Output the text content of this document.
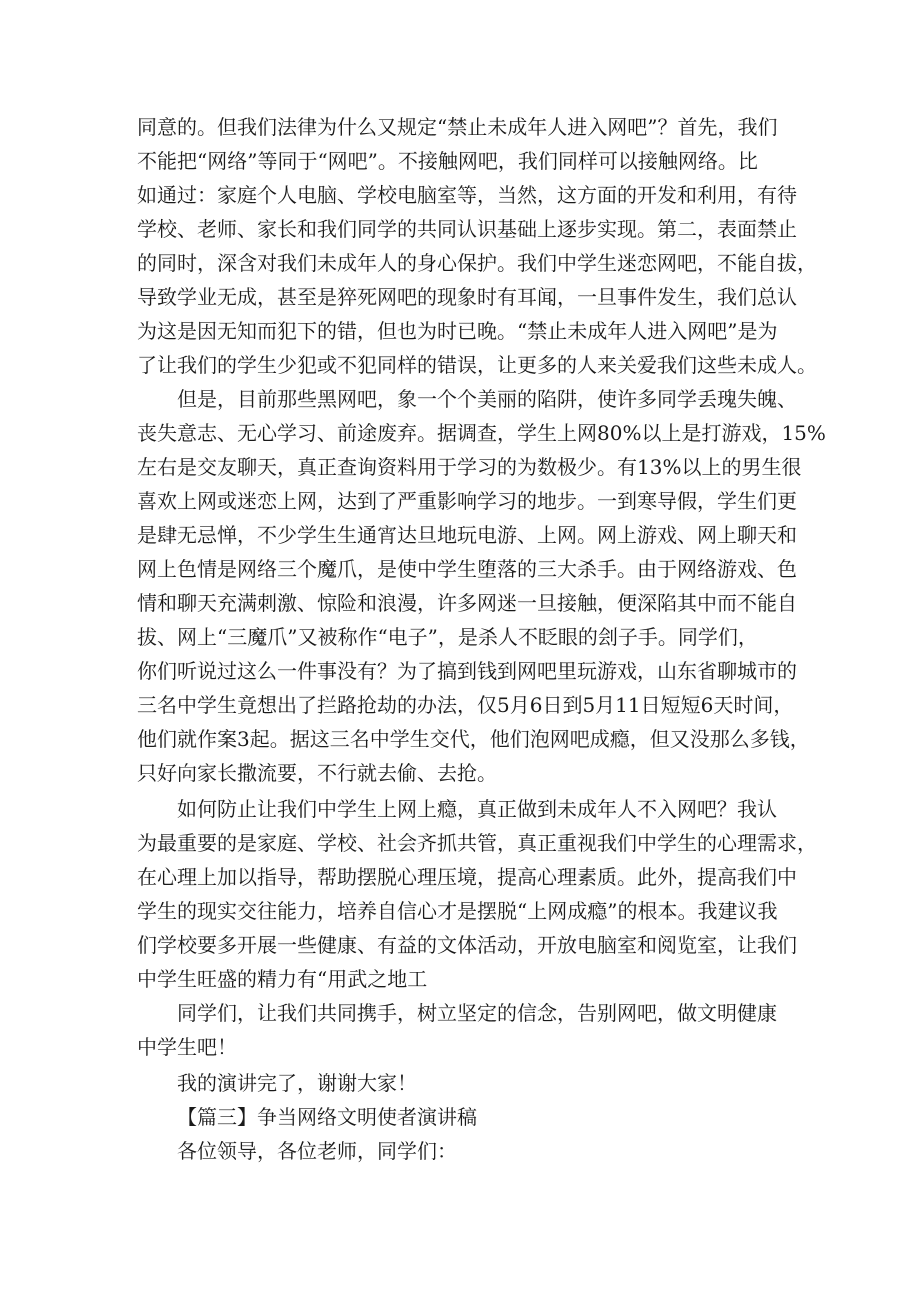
同意的。但我们法律为什么又规定“禁止未成年人进入网吧”？首先，我们
不能把“网络”等同于“网吧”。不接触网吧，我们同样可以接触网络。比
如通过：家庭个人电脑、学校电脑室等，当然，这方面的开发和利用，有待
学校、老师、家长和我们同学的共同认识基础上逐步实现。第二，表面禁止
的同时，深含对我们未成年人的身心保护。我们中学生迷恋网吧，不能自拔，
导致学业无成，甚至是猝死网吧的现象时有耳闻，一旦事件发生，我们总认
为这是因无知而犯下的错，但也为时已晚。“禁止未成年人进入网吧”是为
了让我们的学生少犯或不犯同样的错误，让更多的人来关爱我们这些未成人。
但是，目前那些黑网吧，象一个个美丽的陷阱，使许多同学丢瑰失魄、
丧失意志、无心学习、前途废弃。据调查，学生上网80%以上是打游戏，15%
左右是交友聊天，真正查询资料用于学习的为数极少。有13%以上的男生很
喜欢上网或迷恋上网，达到了严重影响学习的地步。一到寒导假，学生们更
是肆无忌惮，不少学生生通宵达旦地玩电游、上网。网上游戏、网上聊天和
网上色情是网络三个魔爪，是使中学生堕落的三大杀手。由于网络游戏、色
情和聊天充满刺激、惊险和浪漫，许多网迷一旦接触，便深陷其中而不能自
拔、网上“三魔爪”又被称作“电子”，是杀人不眨眼的刽子手。同学们，
你们听说过这么一件事没有？为了搞到钱到网吧里玩游戏，山东省聊城市的
三名中学生竟想出了拦路抢劫的办法，仅5月6日到5月11日短短6天时间，
他们就作案3起。据这三名中学生交代，他们泡网吧成瘾，但又没那么多钱，
只好向家长撒流要，不行就去偷、去抢。
如何防止让我们中学生上网上瘾，真正做到未成年人不入网吧？我认
为最重要的是家庭、学校、社会齐抓共管，真正重视我们中学生的心理需求，
在心理上加以指导，帮助摆脱心理压境，提高心理素质。此外，提高我们中
学生的现实交往能力，培养自信心才是摆脱“上网成瘾”的根本。我建议我
们学校要多开展一些健康、有益的文体活动，开放电脑室和阅览室，让我们
中学生旺盛的精力有“用武之地工
同学们，让我们共同携手，树立坚定的信念，告别网吧，做文明健康
中学生吧！
我的演讲完了，谢谢大家！
【篇三】争当网络文明使者演讲稿
各位领导，各位老师，同学们：
